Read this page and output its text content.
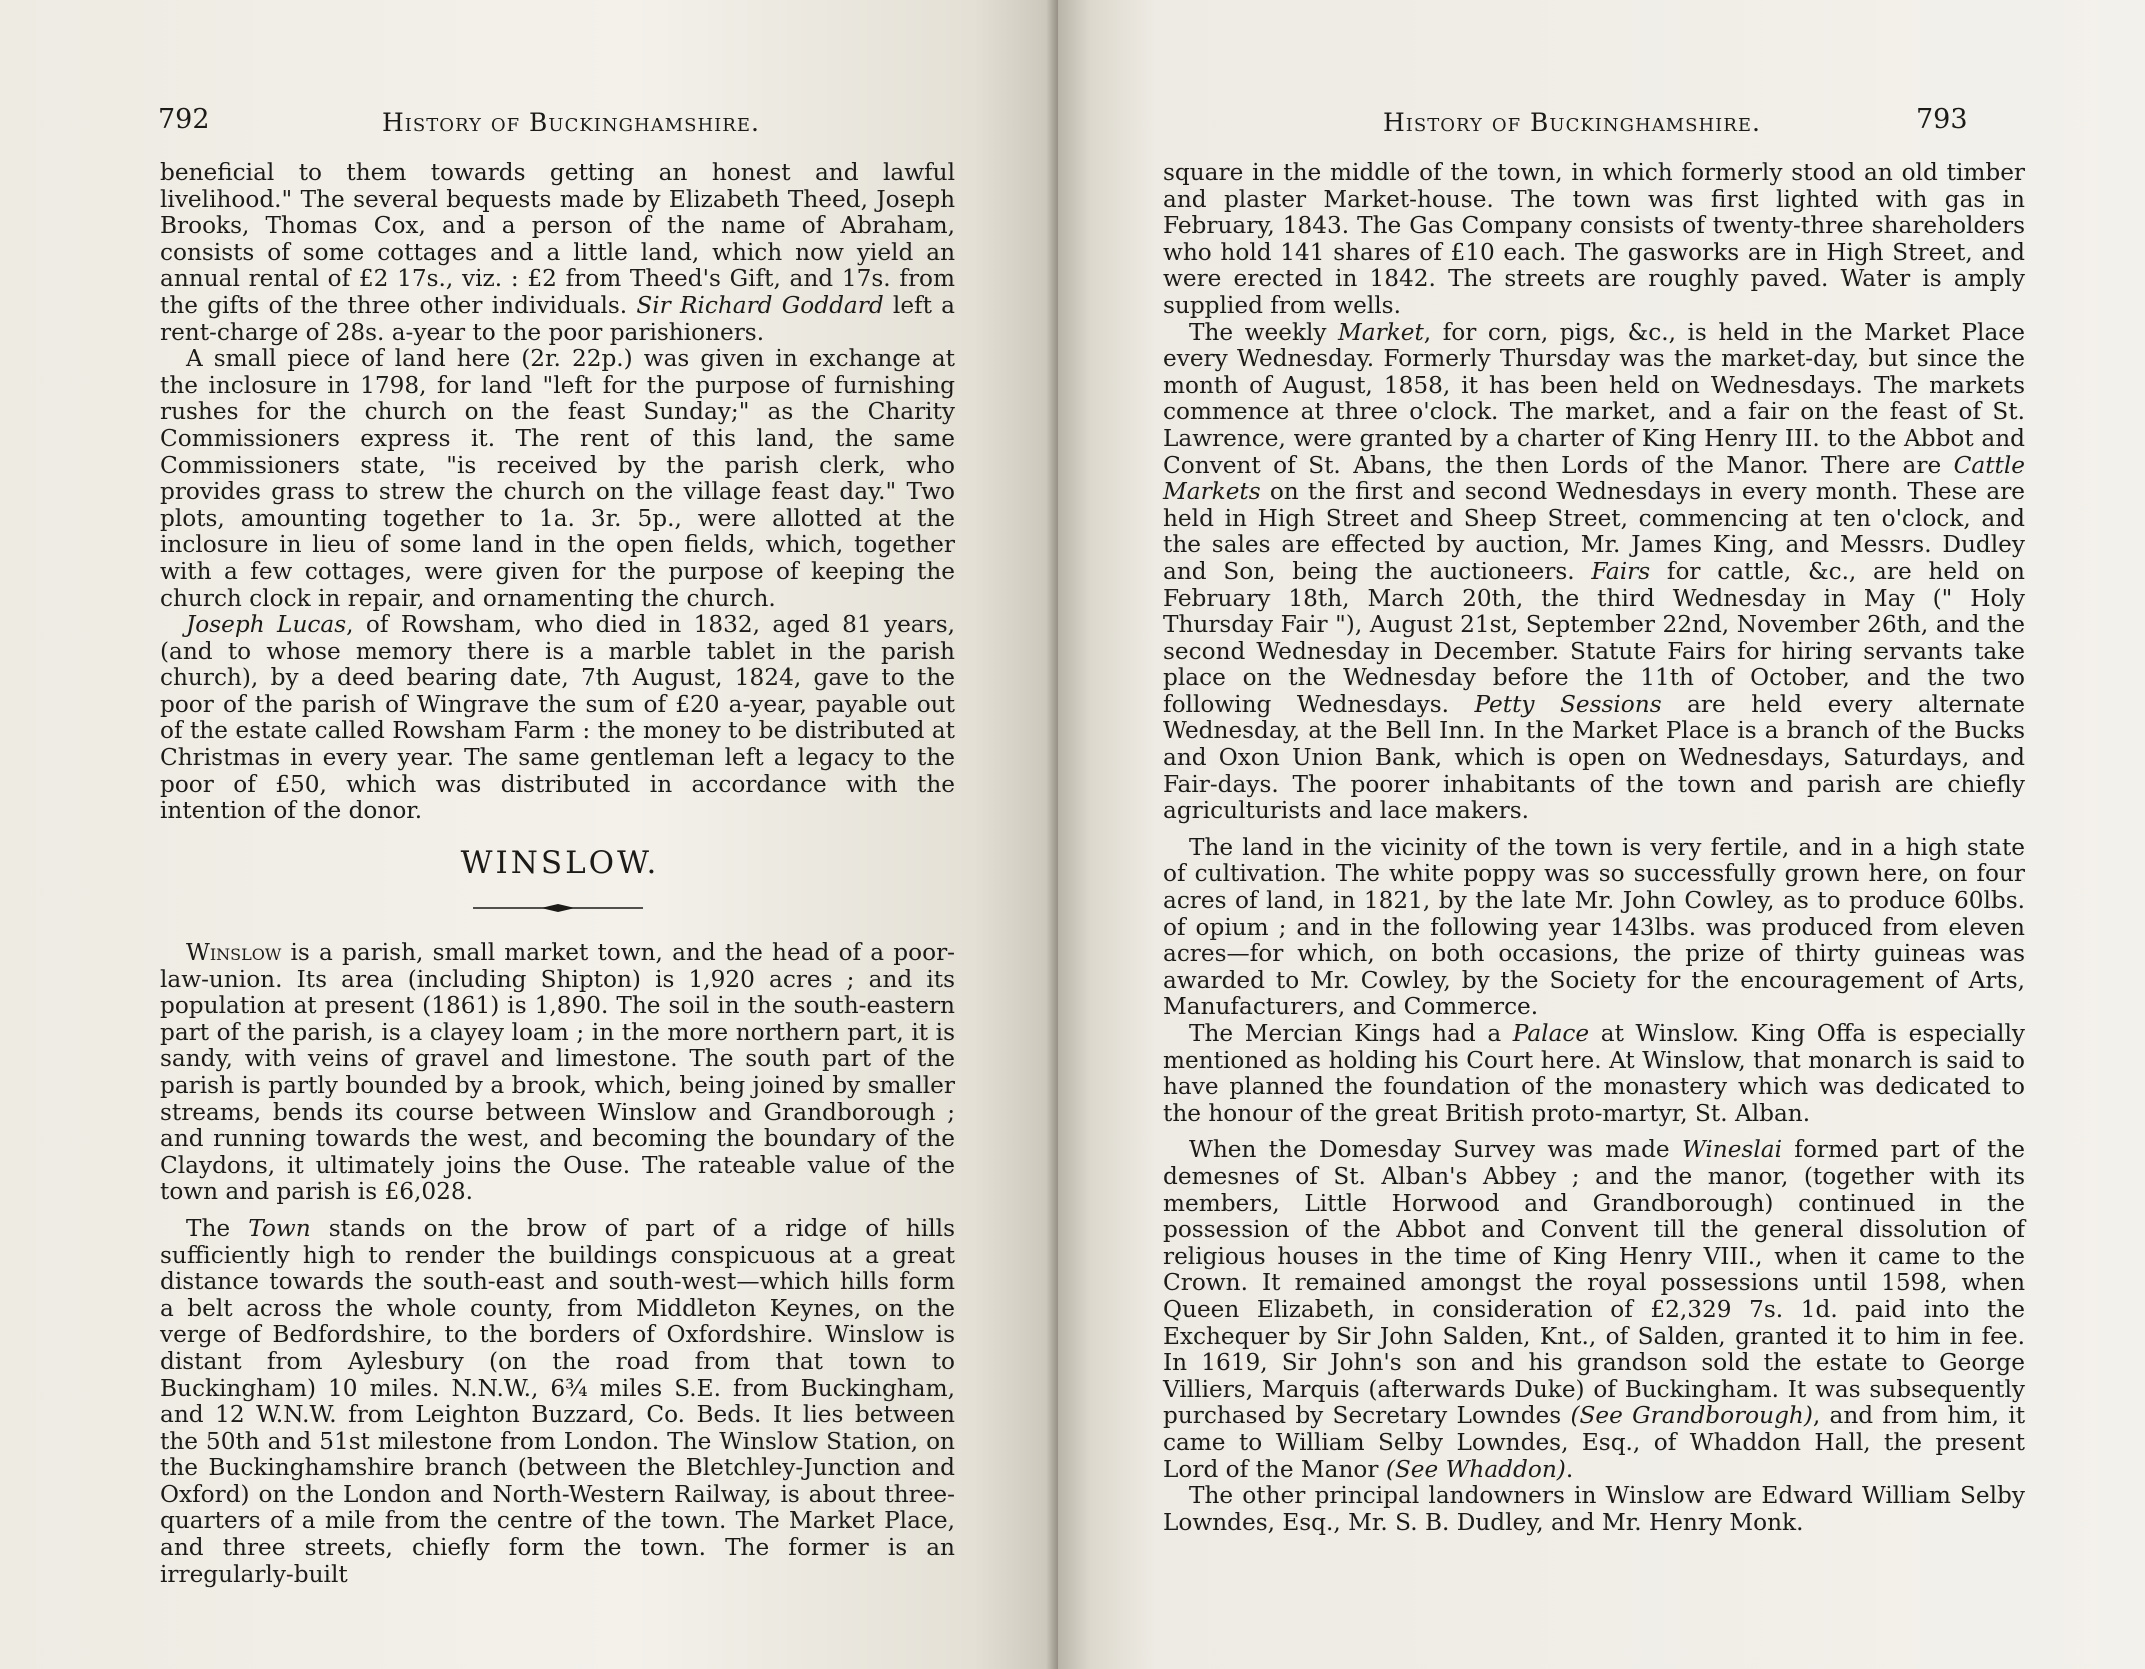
792	History of Buckinghamshire.

beneficial to them towards getting an honest and lawful livelihood." The several bequests made by Elizabeth Theed, Joseph Brooks, Thomas Cox, and a person of the name of Abraham, consists of some cottages and a little land, which now yield an annual rental of £2 17s., viz. : £2 from Theed's Gift, and 17s. from the gifts of the three other individuals. Sir Richard Goddard left a rent-charge of 28s. a-year to the poor parishioners.

A small piece of land here (2r. 22p.) was given in exchange at the inclosure in 1798, for land "left for the purpose of furnishing rushes for the church on the feast Sunday;" as the Charity Commissioners express it. The rent of this land, the same Commissioners state, "is received by the parish clerk, who provides grass to strew the church on the village feast day." Two plots, amounting together to 1a. 3r. 5p., were allotted at the inclosure in lieu of some land in the open fields, which, together with a few cottages, were given for the purpose of keeping the church clock in repair, and ornamenting the church.

Joseph Lucas, of Rowsham, who died in 1832, aged 81 years, (and to whose memory there is a marble tablet in the parish church), by a deed bearing date, 7th August, 1824, gave to the poor of the parish of Wingrave the sum of £20 a-year, payable out of the estate called Rowsham Farm : the money to be distributed at Christmas in every year. The same gentleman left a legacy to the poor of £50, which was distributed in accordance with the intention of the donor.

WINSLOW.

Winslow is a parish, small market town, and the head of a poor-law-union. Its area (including Shipton) is 1,920 acres ; and its population at present (1861) is 1,890. The soil in the south-eastern part of the parish, is a clayey loam ; in the more northern part, it is sandy, with veins of gravel and limestone. The south part of the parish is partly bounded by a brook, which, being joined by smaller streams, bends its course between Winslow and Grandborough ; and running towards the west, and becoming the boundary of the Claydons, it ultimately joins the Ouse. The rateable value of the town and parish is £6,028.

The Town stands on the brow of part of a ridge of hills sufficiently high to render the buildings conspicuous at a great distance towards the south-east and south-west—which hills form a belt across the whole county, from Middleton Keynes, on the verge of Bedfordshire, to the borders of Oxfordshire. Winslow is distant from Aylesbury (on the road from that town to Buckingham) 10 miles. N.N.W., 6¾ miles S.E. from Buckingham, and 12 W.N.W. from Leighton Buzzard, Co. Beds. It lies between the 50th and 51st milestone from London. The Winslow Station, on the Buckinghamshire branch (between the Bletchley-Junction and Oxford) on the London and North-Western Railway, is about three-quarters of a mile from the centre of the town. The Market Place, and three streets, chiefly form the town. The former is an irregularly-built

History of Buckinghamshire.	793

square in the middle of the town, in which formerly stood an old timber and plaster Market-house. The town was first lighted with gas in February, 1843. The Gas Company consists of twenty-three shareholders who hold 141 shares of £10 each. The gasworks are in High Street, and were erected in 1842. The streets are roughly paved. Water is amply supplied from wells.

The weekly Market, for corn, pigs, &c., is held in the Market Place every Wednesday. Formerly Thursday was the market-day, but since the month of August, 1858, it has been held on Wednesdays. The markets commence at three o'clock. The market, and a fair on the feast of St. Lawrence, were granted by a charter of King Henry III. to the Abbot and Convent of St. Abans, the then Lords of the Manor. There are Cattle Markets on the first and second Wednesdays in every month. These are held in High Street and Sheep Street, commencing at ten o'clock, and the sales are effected by auction, Mr. James King, and Messrs. Dudley and Son, being the auctioneers. Fairs for cattle, &c., are held on February 18th, March 20th, the third Wednesday in May (" Holy Thursday Fair "), August 21st, September 22nd, November 26th, and the second Wednesday in December. Statute Fairs for hiring servants take place on the Wednesday before the 11th of October, and the two following Wednesdays. Petty Sessions are held every alternate Wednesday, at the Bell Inn. In the Market Place is a branch of the Bucks and Oxon Union Bank, which is open on Wednesdays, Saturdays, and Fair-days. The poorer inhabitants of the town and parish are chiefly agriculturists and lace makers.

The land in the vicinity of the town is very fertile, and in a high state of cultivation. The white poppy was so successfully grown here, on four acres of land, in 1821, by the late Mr. John Cowley, as to produce 60lbs. of opium ; and in the following year 143lbs. was produced from eleven acres—for which, on both occasions, the prize of thirty guineas was awarded to Mr. Cowley, by the Society for the encouragement of Arts, Manufacturers, and Commerce.

The Mercian Kings had a Palace at Winslow. King Offa is especially mentioned as holding his Court here. At Winslow, that monarch is said to have planned the foundation of the monastery which was dedicated to the honour of the great British proto-martyr, St. Alban.

When the Domesday Survey was made Wineslai formed part of the demesnes of St. Alban's Abbey ; and the manor, (together with its members, Little Horwood and Grandborough) continued in the possession of the Abbot and Convent till the general dissolution of religious houses in the time of King Henry VIII., when it came to the Crown. It remained amongst the royal possessions until 1598, when Queen Elizabeth, in consideration of £2,329 7s. 1d. paid into the Exchequer by Sir John Salden, Knt., of Salden, granted it to him in fee. In 1619, Sir John's son and his grandson sold the estate to George Villiers, Marquis (afterwards Duke) of Buckingham. It was subsequently purchased by Secretary Lowndes (See Grandborough), and from him, it came to William Selby Lowndes, Esq., of Whaddon Hall, the present Lord of the Manor (See Whaddon).

The other principal landowners in Winslow are Edward William Selby Lowndes, Esq., Mr. S. B. Dudley, and Mr. Henry Monk.
